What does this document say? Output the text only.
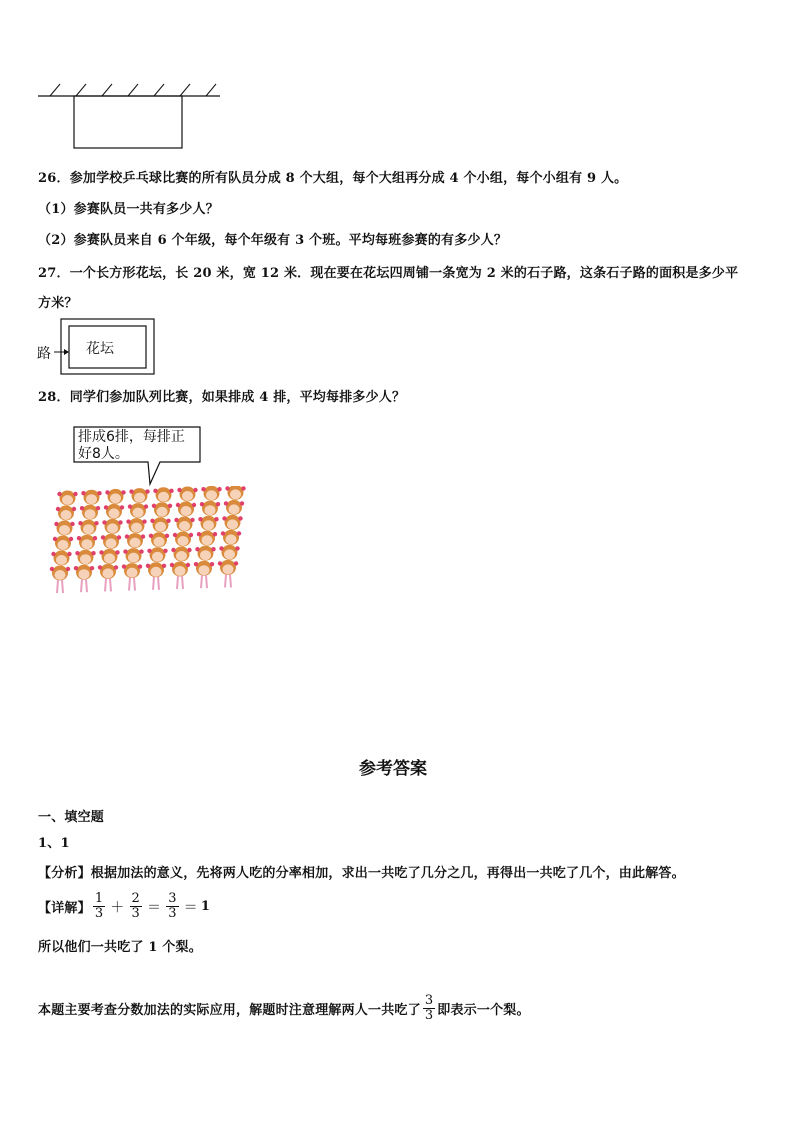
26．参加学校乒乓球比赛的所有队员分成 8 个大组，每个大组再分成 4 个小组，每个小组有 9 人。
（1）参赛队员一共有多少人？
（2）参赛队员来自 6 个年级，每个年级有 3 个班。平均每班参赛的有多少人？
27．一个长方形花坛，长 20 米，宽 12 米．现在要在花坛四周铺一条宽为 2 米的石子路，这条石子路的面积是多少平
方米？
路	花坛
28．同学们参加队列比赛，如果排成 4 排，平均每排多少人？
排成6排，每排正
好8人。
参考答案
一、填空题
1、1
【分析】根据加法的意义，先将两人吃的分率相加，求出一共吃了几分之几，再得出一共吃了几个，由此解答。
【详解】 $\frac{1}{3} + \frac{2}{3} = \frac{3}{3} = 1$
所以他们一共吃了 1 个梨。
本题主要考查分数加法的实际应用，解题时注意理解两人一共吃了 $\frac{3}{3}$ 即表示一个梨。
